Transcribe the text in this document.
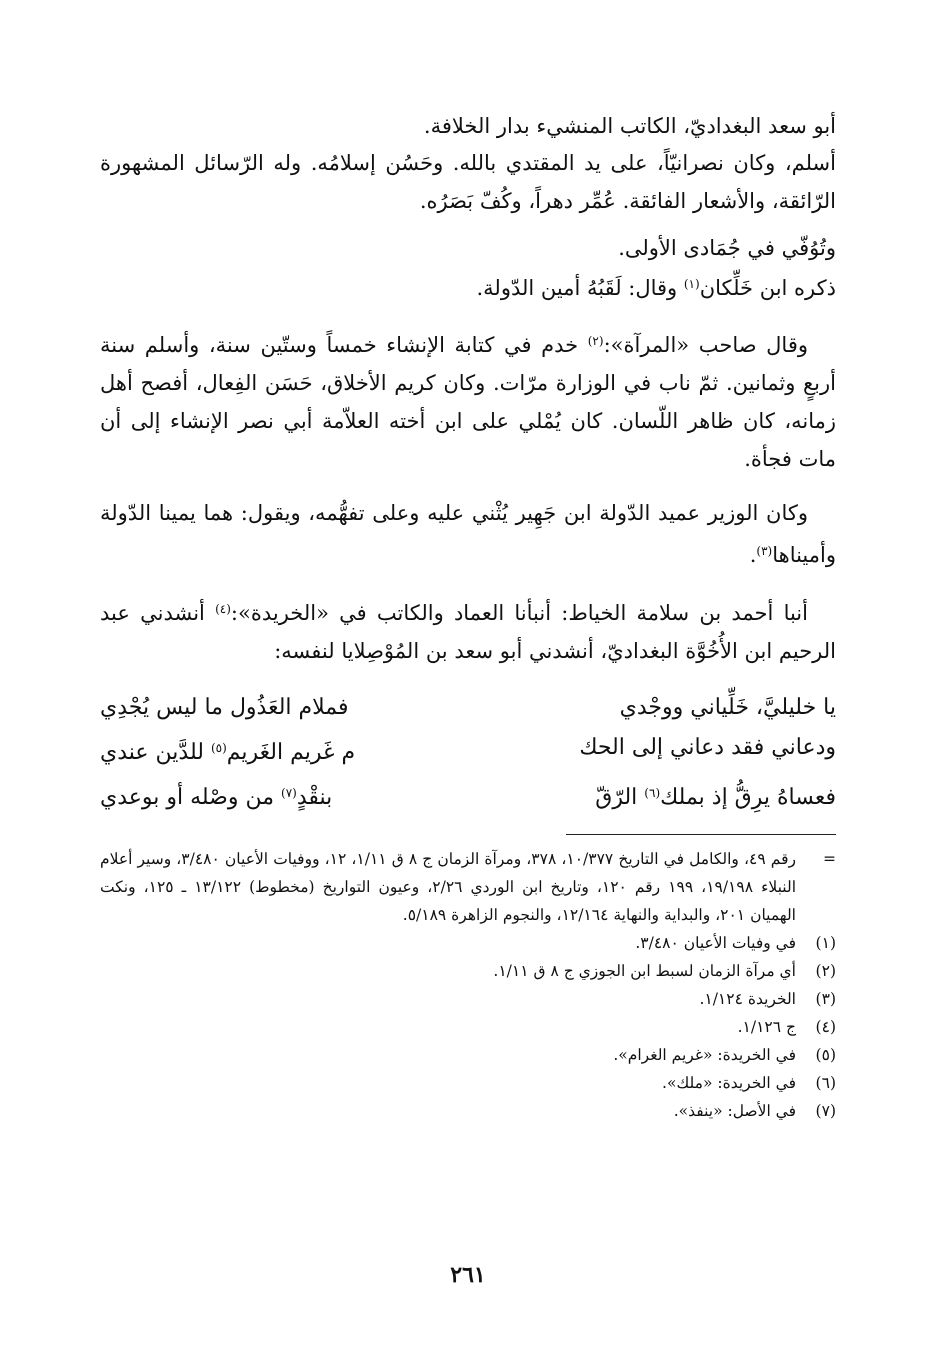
أبو سعد البغداديّ، الكاتب المنشيء بدار الخلافة.

أسلم، وكان نصرانيّاً، على يد المقتدي بالله. وحَسُن إسلامُه. وله الرّسائل المشهورة الرّائقة، والأشعار الفائقة. عُمِّر دهراً، وكُفّ بَصَرُه.

وتُوُفّي في جُمَادى الأولى.

ذكره ابن خَلِّكان$^{(١)}$ وقال: لَقَبُهُ أمين الدّولة.

وقال صاحب «المرآة»:$^{(٢)}$ خدم في كتابة الإنشاء خمساً وستّين سنة، وأسلم سنة أربعٍ وثمانين. ثمّ ناب في الوزارة مرّات. وكان كريم الأخلاق، حَسَن الفِعال، أفصح أهل زمانه، كان ظاهر اللّسان. كان يُمْلي على ابن أخته العلاّمة أبي نصر الإنشاء إلى أن مات فجأة.

وكان الوزير عميد الدّولة ابن جَهِير يُثْني عليه وعلى تفهُّمه، ويقول: هما يمينا الدّولة وأميناها$^{(٣)}$.

أنبا أحمد بن سلامة الخياط: أنبأنا العماد والكاتب في «الخريدة»:$^{(٤)}$ أنشدني عبد الرحيم ابن الأُخُوَّة البغداديّ، أنشدني أبو سعد بن المُوْصِلايا لنفسه:

يا خليليَّ، خَلِّياني ووجْدي
فملام العَذُول ما ليس يُجْدِي
ودعاني فقد دعاني إلى الحك
م غَريم الغَريم$^{(٥)}$ للدَّين عندي
فعساهُ يرِقُّ إذ بملك$^{(٦)}$ الرّقّ
بنقْدٍ$^{(٧)}$ من وصْله أو بوعدي
=
رقم ٤٩، والكامل في التاريخ ١٠/٣٧٧، ٣٧٨، ومرآة الزمان ج ٨ ق ١/١١، ١٢، ووفيات الأعيان ٣/٤٨٠، وسير أعلام النبلاء ١٩/١٩٨، ١٩٩ رقم ١٢٠، وتاريخ ابن الوردي ٢/٢٦، وعيون التواريخ (مخطوط) ١٣/١٢٢ ـ ١٢٥، ونكت الهميان ٢٠١، والبداية والنهاية ١٢/١٦٤، والنجوم الزاهرة ٥/١٨٩.
(١)
في وفيات الأعيان ٣/٤٨٠.
(٢)
أي مرآة الزمان لسبط ابن الجوزي ج ٨ ق ١/١١.
(٣)
الخريدة ١/١٢٤.
(٤)
ج ١/١٢٦.
(٥)
في الخريدة: «غريم الغرام».
(٦)
في الخريدة: «ملك».
(٧)
في الأصل: «ينفذ».
٢٦١
